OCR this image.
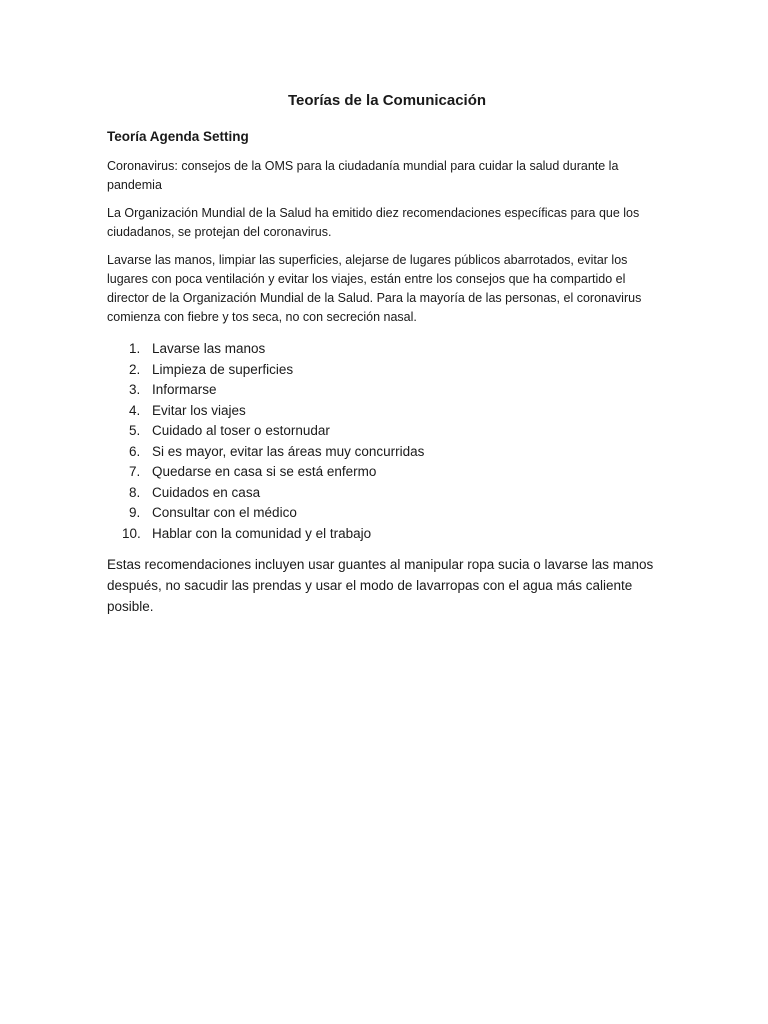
Teorías de la Comunicación
Teoría Agenda Setting

Coronavirus: consejos de la OMS para la ciudadanía mundial para cuidar la salud durante la pandemia

La Organización Mundial de la Salud ha emitido diez recomendaciones específicas para que los ciudadanos, se protejan del coronavirus.

Lavarse las manos, limpiar las superficies, alejarse de lugares públicos abarrotados, evitar los lugares con poca ventilación y evitar los viajes, están entre los consejos que ha compartido el director de la Organización Mundial de la Salud. Para la mayoría de las personas, el coronavirus comienza con fiebre y tos seca, no con secreción nasal.

1. Lavarse las manos
2. Limpieza de superficies
3. Informarse
4. Evitar los viajes
5. Cuidado al toser o estornudar
6. Si es mayor, evitar las áreas muy concurridas
7. Quedarse en casa si se está enfermo
8. Cuidados en casa
9. Consultar con el médico
10. Hablar con la comunidad y el trabajo

Estas recomendaciones incluyen usar guantes al manipular ropa sucia o lavarse las manos después, no sacudir las prendas y usar el modo de lavarropas con el agua más caliente posible.
